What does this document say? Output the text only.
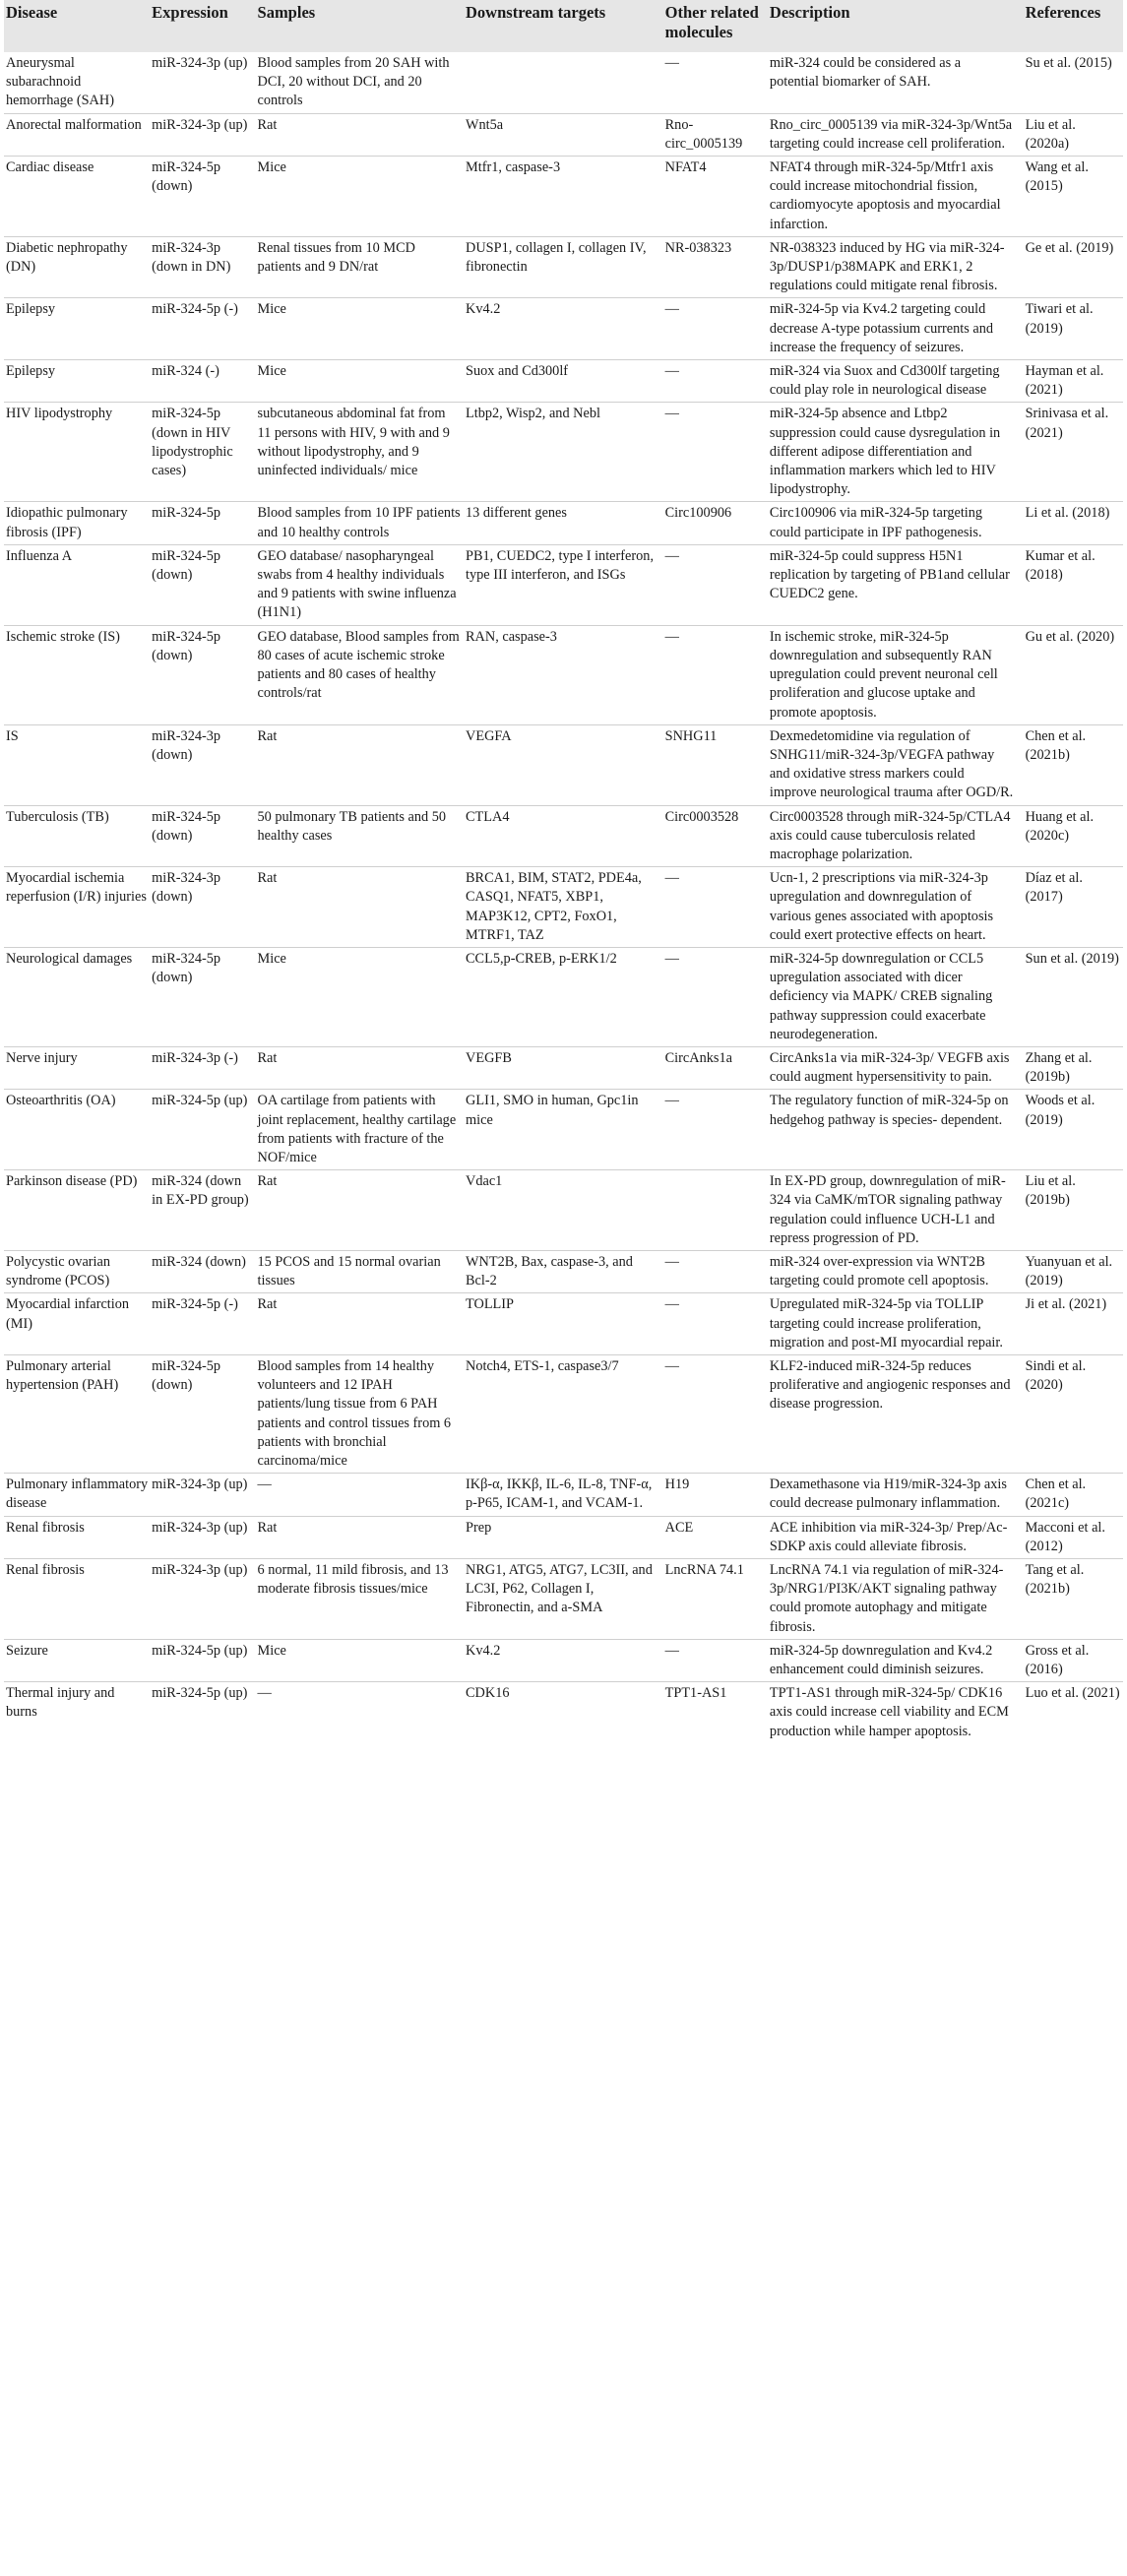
Disease	Expression	Samples	Downstream targets	Other related molecules	Description	References
Aneurysmal subarachnoid hemorrhage (SAH)	miR-324-3p (up)	Blood samples from 20 SAH with DCI, 20 without DCI, and 20 controls		—	miR-324 could be considered as a potential biomarker of SAH.	Su et al. (2015)
Anorectal malformation	miR-324-3p (up)	Rat	Wnt5a	Rno-circ_0005139	Rno_circ_0005139 via miR-324-3p/Wnt5a targeting could increase cell proliferation.	Liu et al. (2020a)
Cardiac disease	miR-324-5p (down)	Mice	Mtfr1, caspase-3	NFAT4	NFAT4 through miR-324-5p/Mtfr1 axis could increase mitochondrial fission, cardiomyocyte apoptosis and myocardial infarction.	Wang et al. (2015)
Diabetic nephropathy (DN)	miR-324-3p (down in DN)	Renal tissues from 10 MCD patients and 9 DN/rat	DUSP1, collagen I, collagen IV, fibronectin	NR-038323	NR-038323 induced by HG via miR-324-3p/DUSP1/p38MAPK and ERK1, 2 regulations could mitigate renal fibrosis.	Ge et al. (2019)
Epilepsy	miR-324-5p (-)	Mice	Kv4.2	—	miR-324-5p via Kv4.2 targeting could decrease A-type potassium currents and increase the frequency of seizures.	Tiwari et al. (2019)
Epilepsy	miR-324 (-)	Mice	Suox and Cd300lf	—	miR-324 via Suox and Cd300lf targeting could play role in neurological disease	Hayman et al. (2021)
HIV lipodystrophy	miR-324-5p (down in HIV lipodystrophic cases)	subcutaneous abdominal fat from 11 persons with HIV, 9 with and 9 without lipodystrophy, and 9 uninfected individuals/ mice	Ltbp2, Wisp2, and Nebl	—	miR-324-5p absence and Ltbp2 suppression could cause dysregulation in different adipose differentiation and inflammation markers which led to HIV lipodystrophy.	Srinivasa et al. (2021)
Idiopathic pulmonary fibrosis (IPF)	miR-324-5p	Blood samples from 10 IPF patients and 10 healthy controls	13 different genes	Circ100906	Circ100906 via miR-324-5p targeting could participate in IPF pathogenesis.	Li et al. (2018)
Influenza A	miR-324-5p (down)	GEO database/ nasopharyngeal swabs from 4 healthy individuals and 9 patients with swine influenza (H1N1)	PB1, CUEDC2, type I interferon, type III interferon, and ISGs	—	miR-324-5p could suppress H5N1 replication by targeting of PB1and cellular CUEDC2 gene.	Kumar et al. (2018)
Ischemic stroke (IS)	miR-324-5p (down)	GEO database, Blood samples from 80 cases of acute ischemic stroke patients and 80 cases of healthy controls/rat	RAN, caspase-3	—	In ischemic stroke, miR-324-5p downregulation and subsequently RAN upregulation could prevent neuronal cell proliferation and glucose uptake and promote apoptosis.	Gu et al. (2020)
IS	miR-324-3p (down)	Rat	VEGFA	SNHG11	Dexmedetomidine via regulation of SNHG11/miR-324-3p/VEGFA pathway and oxidative stress markers could improve neurological trauma after OGD/R.	Chen et al. (2021b)
Tuberculosis (TB)	miR-324-5p (down)	50 pulmonary TB patients and 50 healthy cases	CTLA4	Circ0003528	Circ0003528 through miR-324-5p/CTLA4 axis could cause tuberculosis related macrophage polarization.	Huang et al. (2020c)
Myocardial ischemia reperfusion (I/R) injuries	miR-324-3p (down)	Rat	BRCA1, BIM, STAT2, PDE4a, CASQ1, NFAT5, XBP1, MAP3K12, CPT2, FoxO1, MTRF1, TAZ	—	Ucn-1, 2 prescriptions via miR-324-3p upregulation and downregulation of various genes associated with apoptosis could exert protective effects on heart.	Díaz et al. (2017)
Neurological damages	miR-324-5p (down)	Mice	CCL5,p-CREB, p-ERK1/2	—	miR-324-5p downregulation or CCL5 upregulation associated with dicer deficiency via MAPK/ CREB signaling pathway suppression could exacerbate neurodegeneration.	Sun et al. (2019)
Nerve injury	miR-324-3p (-)	Rat	VEGFB	CircAnks1a	CircAnks1a via miR-324-3p/ VEGFB axis could augment hypersensitivity to pain.	Zhang et al. (2019b)
Osteoarthritis (OA)	miR-324-5p (up)	OA cartilage from patients with joint replacement, healthy cartilage from patients with fracture of the NOF/mice	GLI1, SMO in human, Gpc1in mice	—	The regulatory function of miR-324-5p on hedgehog pathway is species- dependent.	Woods et al. (2019)
Parkinson disease (PD)	miR-324 (down in EX-PD group)	Rat	Vdac1		In EX-PD group, downregulation of miR-324 via CaMK/mTOR signaling pathway regulation could influence UCH-L1 and repress progression of PD.	Liu et al. (2019b)
Polycystic ovarian syndrome (PCOS)	miR-324 (down)	15 PCOS and 15 normal ovarian tissues	WNT2B, Bax, caspase-3, and Bcl-2	—	miR-324 over-expression via WNT2B targeting could promote cell apoptosis.	Yuanyuan et al. (2019)
Myocardial infarction (MI)	miR-324-5p (-)	Rat	TOLLIP	—	Upregulated miR-324-5p via TOLLIP targeting could increase proliferation, migration and post-MI myocardial repair.	Ji et al. (2021)
Pulmonary arterial hypertension (PAH)	miR-324-5p (down)	Blood samples from 14 healthy volunteers and 12 IPAH patients/lung tissue from 6 PAH patients and control tissues from 6 patients with bronchial carcinoma/mice	Notch4, ETS-1, caspase3/7	—	KLF2-induced miR-324-5p reduces proliferative and angiogenic responses and disease progression.	Sindi et al. (2020)
Pulmonary inflammatory disease	miR-324-3p (up)	—	IKβ-α, IKKβ, IL-6, IL-8, TNF-α, p-P65, ICAM-1, and VCAM-1.	H19	Dexamethasone via H19/miR-324-3p axis could decrease pulmonary inflammation.	Chen et al. (2021c)
Renal fibrosis	miR-324-3p (up)	Rat	Prep	ACE	ACE inhibition via miR-324-3p/ Prep/Ac-SDKP axis could alleviate fibrosis.	Macconi et al. (2012)
Renal fibrosis	miR-324-3p (up)	6 normal, 11 mild fibrosis, and 13 moderate fibrosis tissues/mice	NRG1, ATG5, ATG7, LC3II, and LC3I, P62, Collagen I, Fibronectin, and a-SMA	LncRNA 74.1	LncRNA 74.1 via regulation of miR-324-3p/NRG1/PI3K/AKT signaling pathway could promote autophagy and mitigate fibrosis.	Tang et al. (2021b)
Seizure	miR-324-5p (up)	Mice	Kv4.2	—	miR-324-5p downregulation and Kv4.2 enhancement could diminish seizures.	Gross et al. (2016)
Thermal injury and burns	miR-324-5p (up)	—	CDK16	TPT1-AS1	TPT1-AS1 through miR-324-5p/ CDK16 axis could increase cell viability and ECM production while hamper apoptosis.	Luo et al. (2021)
